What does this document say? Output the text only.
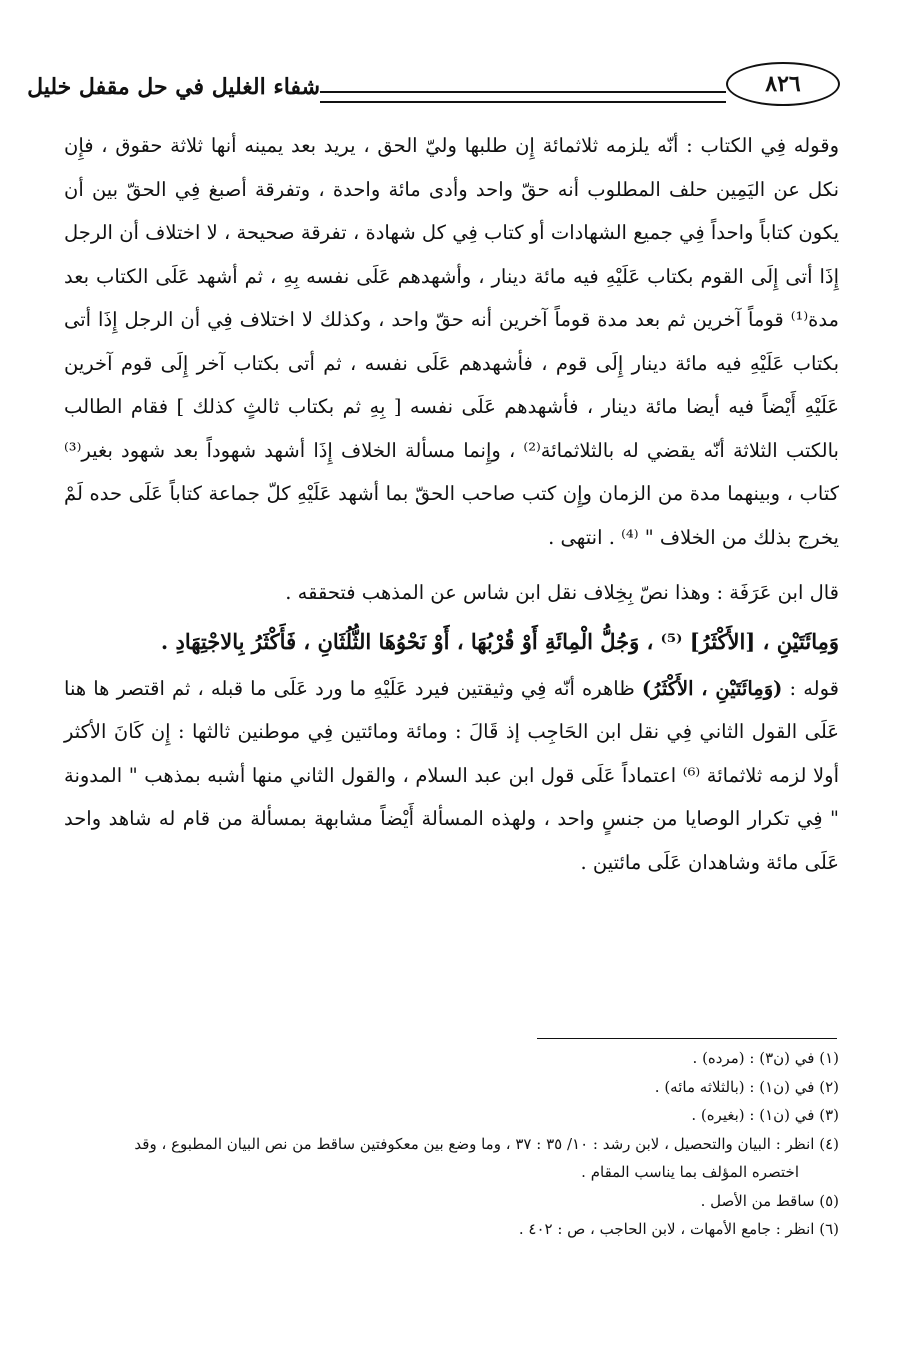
٨٢٦
شفاء الغليل في حل مقفل خليل

وقوله فِي الكتاب : أنّه يلزمه ثلاثمائة إِن طلبها وليّ الحق ، يريد بعد يمينه أنها ثلاثة حقوق ، فإِن نكل عن اليَمِين حلف المطلوب أنه حقّ واحد وأدى مائة واحدة ، وتفرقة أصبغ فِي الحقّ بين أن يكون كتاباً واحداً فِي جميع الشهادات أو كتاب فِي كل شهادة ، تفرقة صحيحة ، لا اختلاف أن الرجل إِذَا أتى إِلَى القوم بكتاب عَلَيْهِ فيه مائة دينار ، وأشهدهم عَلَى نفسه بِهِ ، ثم أشهد عَلَى الكتاب بعد مدة⁽¹⁾ قوماً آخرين ثم بعد مدة قوماً آخرين أنه حقّ واحد ، وكذلك لا اختلاف فِي أن الرجل إِذَا أتى بكتاب عَلَيْهِ فيه مائة دينار إِلَى قوم ، فأشهدهم عَلَى نفسه ، ثم أتى بكتاب آخر إِلَى قوم آخرين عَلَيْهِ أَيْضاً فيه أيضا مائة دينار ، فأشهدهم عَلَى نفسه [ بِهِ ثم بكتاب ثالثٍ كذلك ] فقام الطالب بالكتب الثلاثة أنّه يقضي له بالثلاثمائة⁽²⁾ ، وإِنما مسألة الخلاف إِذَا أشهد شهوداً بعد شهود بغير⁽³⁾ كتاب ، وبينهما مدة من الزمان وإِن كتب صاحب الحقّ بما أشهد عَلَيْهِ كلّ جماعة كتاباً عَلَى حده لَمْ يخرج بذلك من الخلاف " ⁽⁴⁾ . انتهى .

قال ابن عَرَفَة : وهذا نصّ بِخِلاف نقل ابن شاس عن المذهب فتحققه .

وَمِائَتَيْنِ ، [الأَكْثَرُ] ⁽⁵⁾ ، وَجُلُّ الْمِائَةِ أَوْ قُرْبُهَا ، أَوْ نَحْوُهَا الثُّلُثَانِ ، فَأَكْثَرُ بِالاجْتِهَادِ .

قوله : (وَمِائَتَيْنِ ، الأَكْثَرُ) ظاهره أنّه فِي وثيقتين فيرد عَلَيْهِ ما ورد عَلَى ما قبله ، ثم اقتصر ها هنا عَلَى القول الثاني فِي نقل ابن الحَاجِب إذ قَالَ : ومائة ومائتين فِي موطنين ثالثها : إِن كَانَ الأكثر أولا لزمه ثلاثمائة ⁽⁶⁾ اعتماداً عَلَى قول ابن عبد السلام ، والقول الثاني منها أشبه بمذهب " المدونة " فِي تكرار الوصايا من جنسٍ واحد ، ولهذه المسألة أَيْضاً مشابهة بمسألة من قام له شاهد واحد عَلَى مائة وشاهدان عَلَى مائتين .

(١) في (ن٣) : (مرده) .
(٢) في (ن١) : (بالثلاثه مائه) .
(٣) في (ن١) : (بغيره) .
(٤) انظر : البيان والتحصيل ، لابن رشد : ١٠/ ٣٥ : ٣٧ ، وما وضع بين معكوفتين ساقط من نص البيان المطبوع ، وقد
اختصره المؤلف بما يناسب المقام .
(٥) ساقط من الأصل .
(٦) انظر : جامع الأمهات ، لابن الحاجب ، ص : ٤٠٢ .
